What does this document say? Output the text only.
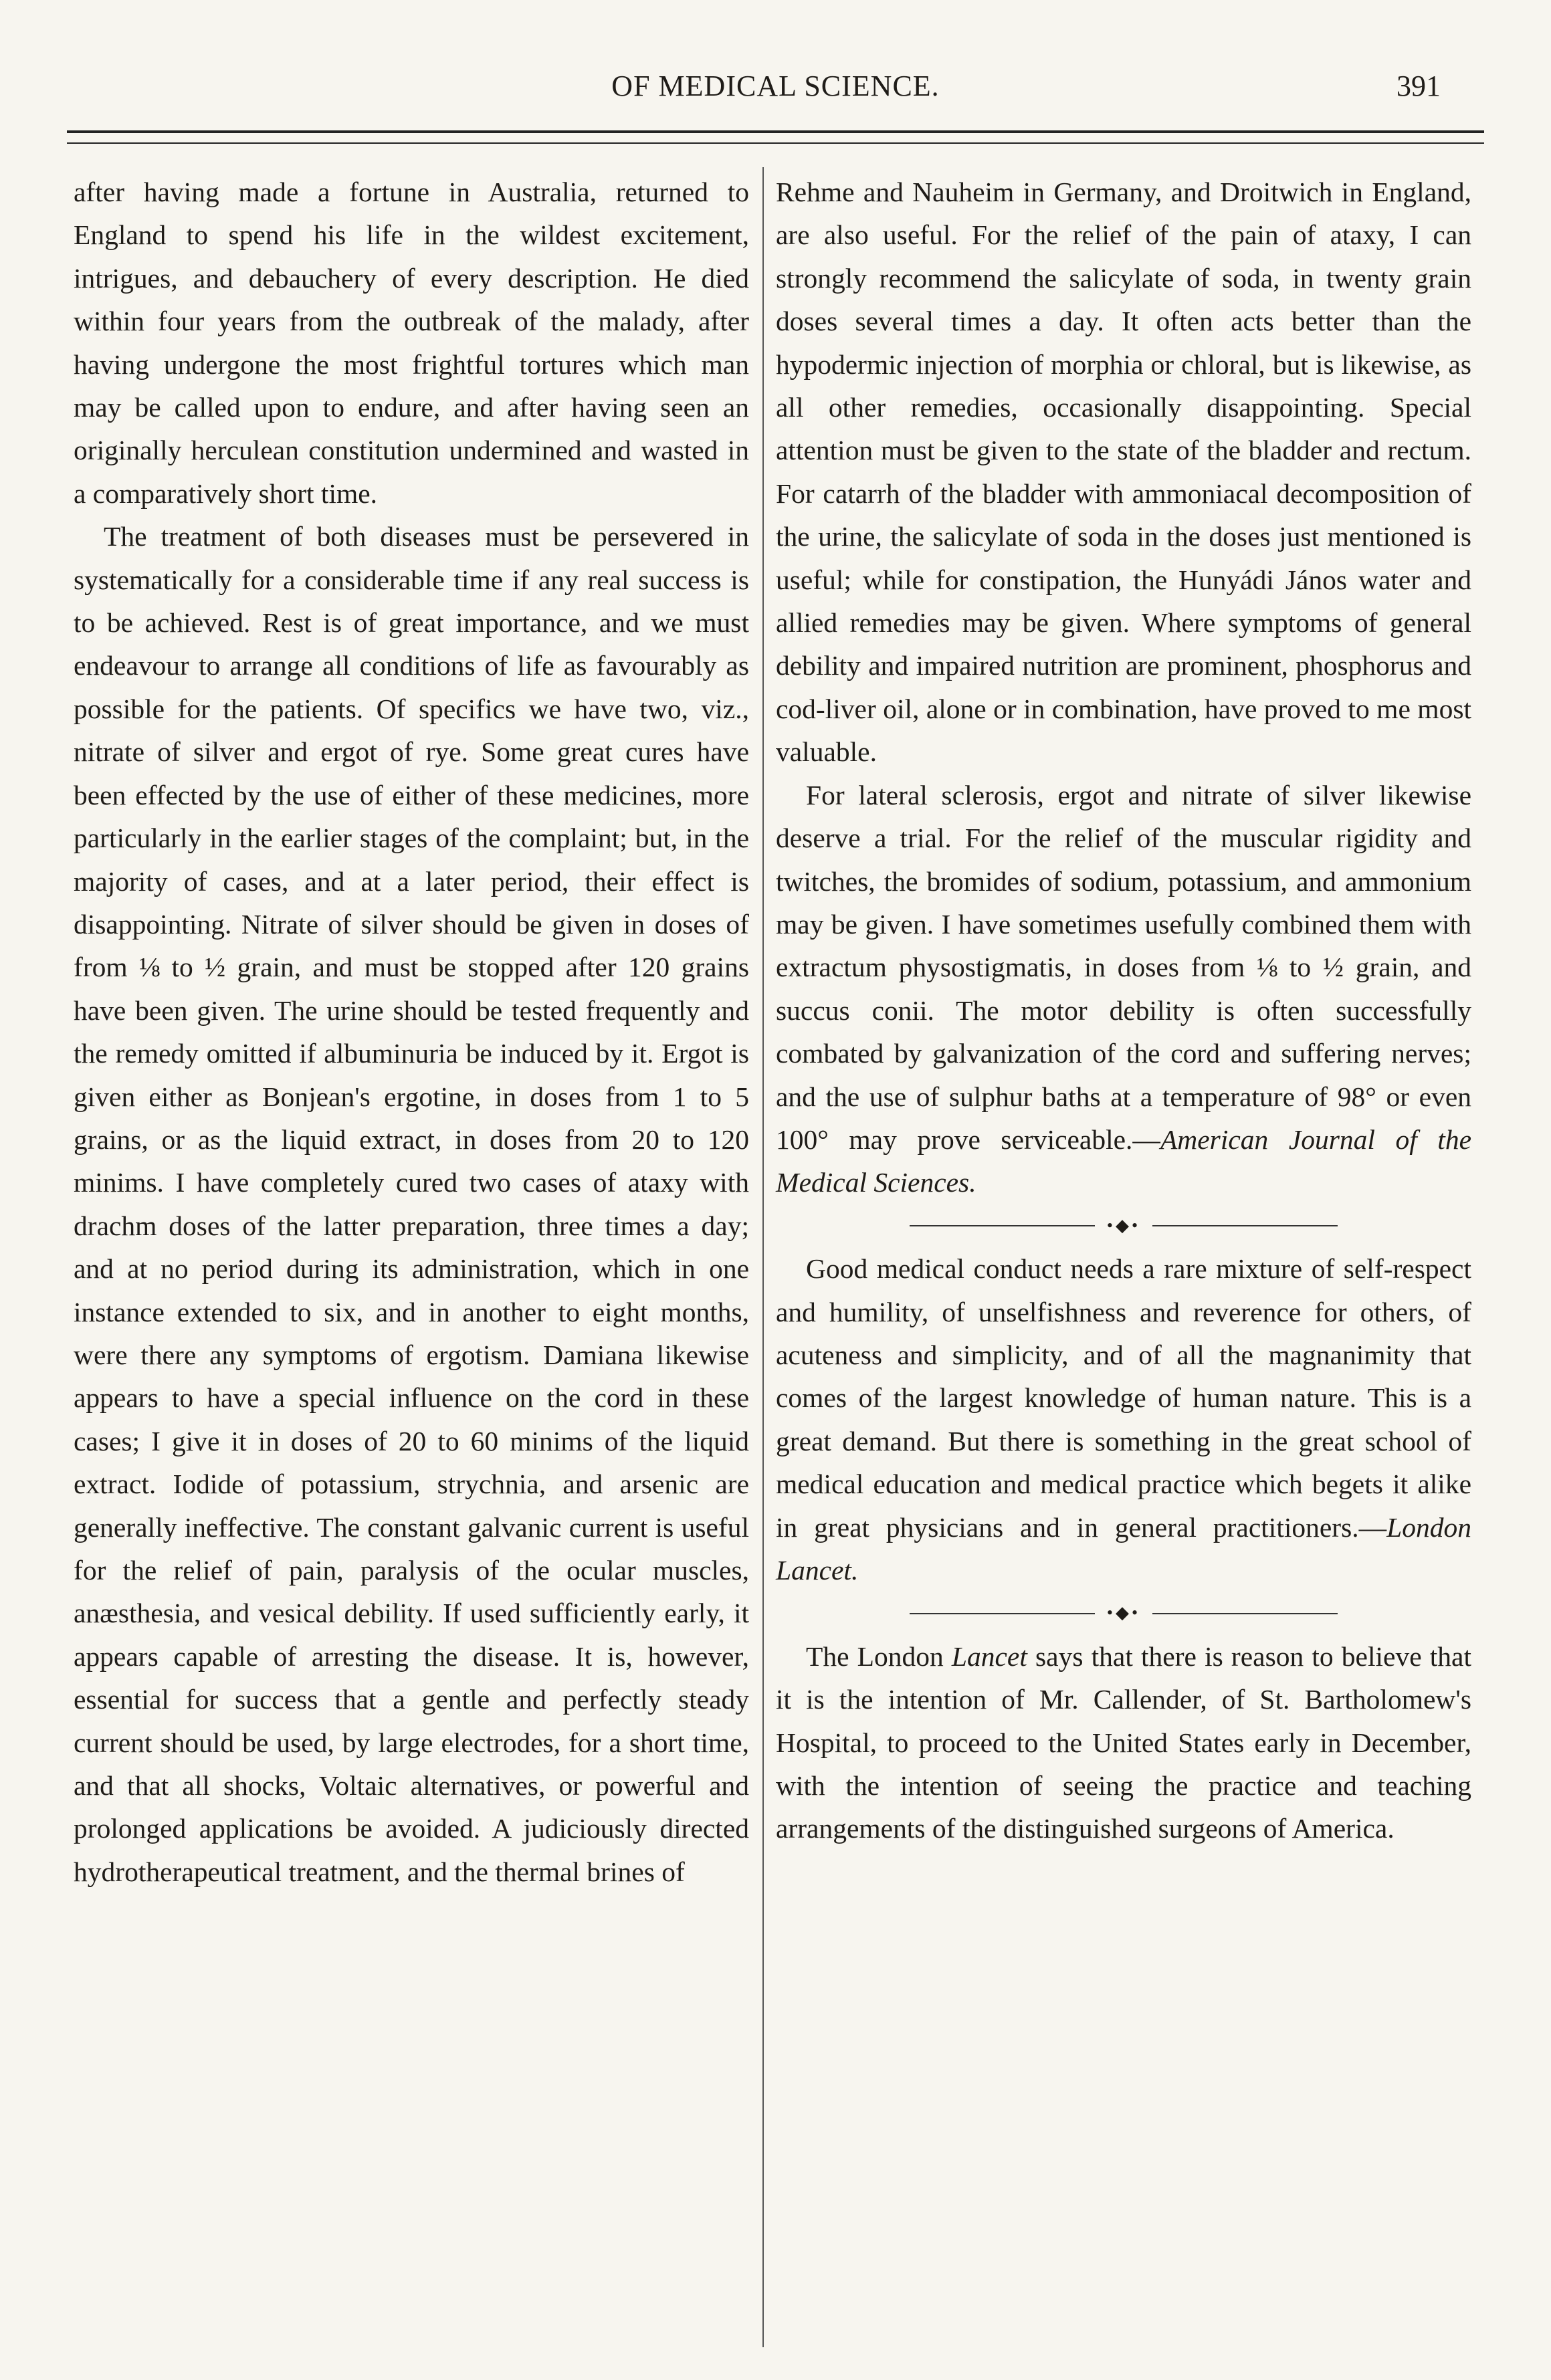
OF MEDICAL SCIENCE.	391

after having made a fortune in Australia, returned to England to spend his life in the wildest excitement, intrigues, and debauchery of every description. He died within four years from the outbreak of the malady, after having undergone the most frightful tortures which man may be called upon to endure, and after having seen an originally herculean constitution undermined and wasted in a comparatively short time.

The treatment of both diseases must be persevered in systematically for a considerable time if any real success is to be achieved. Rest is of great importance, and we must endeavour to arrange all conditions of life as favourably as possible for the patients. Of specifics we have two, viz., nitrate of silver and ergot of rye. Some great cures have been effected by the use of either of these medicines, more particularly in the earlier stages of the complaint; but, in the majority of cases, and at a later period, their effect is disappointing. Nitrate of silver should be given in doses of from ⅛ to ½ grain, and must be stopped after 120 grains have been given. The urine should be tested frequently and the remedy omitted if albuminuria be induced by it. Ergot is given either as Bonjean's ergotine, in doses from 1 to 5 grains, or as the liquid extract, in doses from 20 to 120 minims. I have completely cured two cases of ataxy with drachm doses of the latter preparation, three times a day; and at no period during its administration, which in one instance extended to six, and in another to eight months, were there any symptoms of ergotism. Damiana likewise appears to have a special influence on the cord in these cases; I give it in doses of 20 to 60 minims of the liquid extract. Iodide of potassium, strychnia, and arsenic are generally ineffective. The constant galvanic current is useful for the relief of pain, paralysis of the ocular muscles, anæsthesia, and vesical debility. If used sufficiently early, it appears capable of arresting the disease. It is, however, essential for success that a gentle and perfectly steady current should be used, by large electrodes, for a short time, and that all shocks, Voltaic alternatives, or powerful and prolonged applications be avoided. A judiciously directed hydrotherapeutical treatment, and the thermal brines of

Rehme and Nauheim in Germany, and Droitwich in England, are also useful. For the relief of the pain of ataxy, I can strongly recommend the salicylate of soda, in twenty grain doses several times a day. It often acts better than the hypodermic injection of morphia or chloral, but is likewise, as all other remedies, occasionally disappointing. Special attention must be given to the state of the bladder and rectum. For catarrh of the bladder with ammoniacal decomposition of the urine, the salicylate of soda in the doses just mentioned is useful; while for constipation, the Hunyádi János water and allied remedies may be given. Where symptoms of general debility and impaired nutrition are prominent, phosphorus and cod-liver oil, alone or in combination, have proved to me most valuable.

For lateral sclerosis, ergot and nitrate of silver likewise deserve a trial. For the relief of the muscular rigidity and twitches, the bromides of sodium, potassium, and ammonium may be given. I have sometimes usefully combined them with extractum physostigmatis, in doses from ⅛ to ½ grain, and succus conii. The motor debility is often successfully combated by galvanization of the cord and suffering nerves; and the use of sulphur baths at a temperature of 98° or even 100° may prove serviceable.—American Journal of the Medical Sciences.

•◆•

Good medical conduct needs a rare mixture of self-respect and humility, of unselfishness and reverence for others, of acuteness and simplicity, and of all the magnanimity that comes of the largest knowledge of human nature. This is a great demand. But there is something in the great school of medical education and medical practice which begets it alike in great physicians and in general practitioners.—London Lancet.

•◆•

The London Lancet says that there is reason to believe that it is the intention of Mr. Callender, of St. Bartholomew's Hospital, to proceed to the United States early in December, with the intention of seeing the practice and teaching arrangements of the distinguished surgeons of America.
